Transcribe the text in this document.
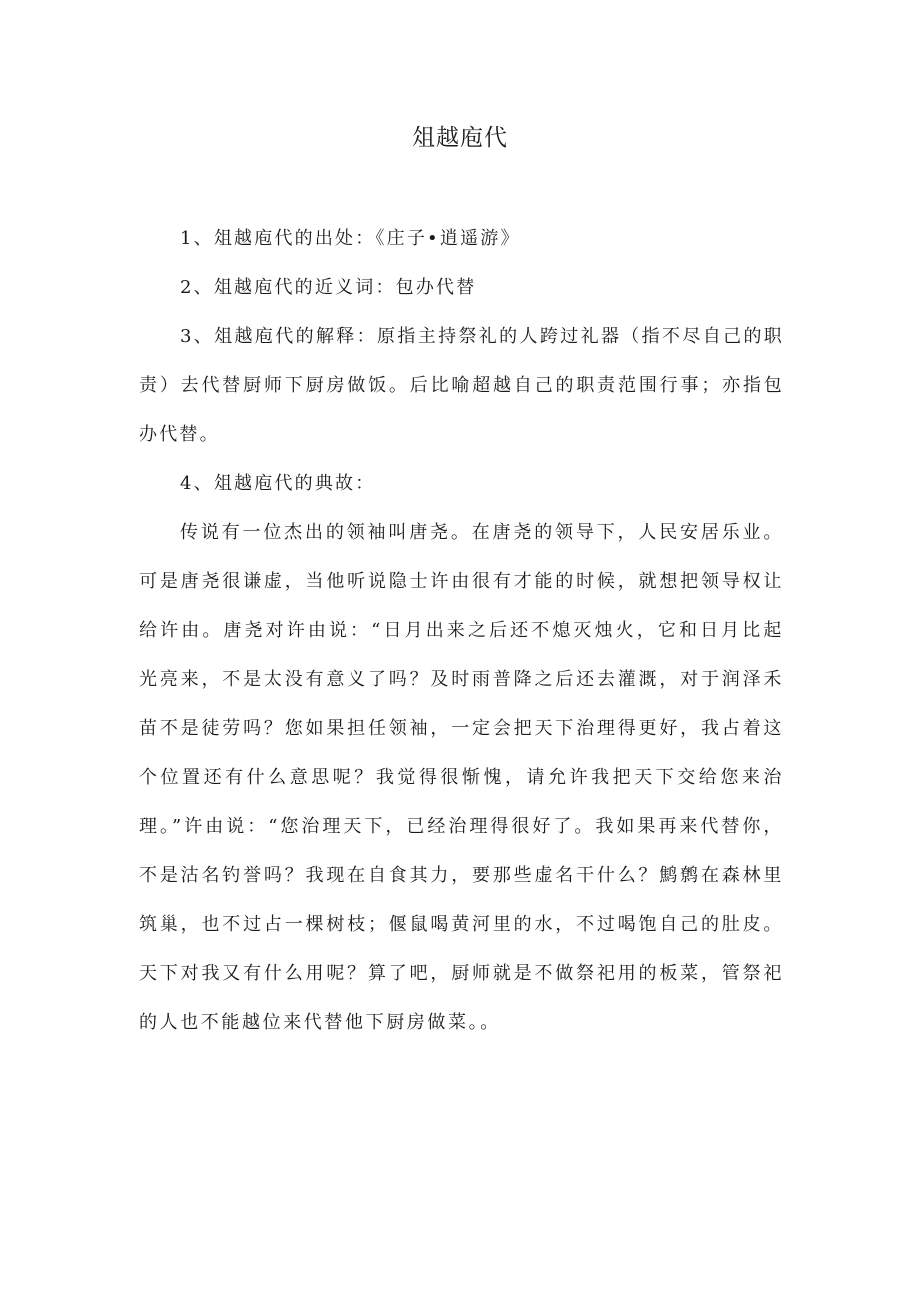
俎越庖代

1、俎越庖代的出处：《庄子•逍遥游》

2、俎越庖代的近义词：包办代替

3、俎越庖代的解释：原指主持祭礼的人跨过礼器（指不尽自己的职责）去代替厨师下厨房做饭。后比喻超越自己的职责范围行事；亦指包办代替。

4、俎越庖代的典故：

传说有一位杰出的领袖叫唐尧。在唐尧的领导下，人民安居乐业。可是唐尧很谦虚，当他听说隐士许由很有才能的时候，就想把领导权让给许由。唐尧对许由说：“日月出来之后还不熄灭烛火，它和日月比起光亮来，不是太没有意义了吗？及时雨普降之后还去灌溉，对于润泽禾苗不是徒劳吗？您如果担任领袖，一定会把天下治理得更好，我占着这个位置还有什么意思呢？我觉得很惭愧，请允许我把天下交给您来治理。”许由说：“您治理天下，已经治理得很好了。我如果再来代替你，不是沽名钓誉吗？我现在自食其力，要那些虚名干什么？鹪鹩在森林里筑巢，也不过占一棵树枝；偃鼠喝黄河里的水，不过喝饱自己的肚皮。天下对我又有什么用呢？算了吧，厨师就是不做祭祀用的板菜，管祭祀的人也不能越位来代替他下厨房做菜。。
